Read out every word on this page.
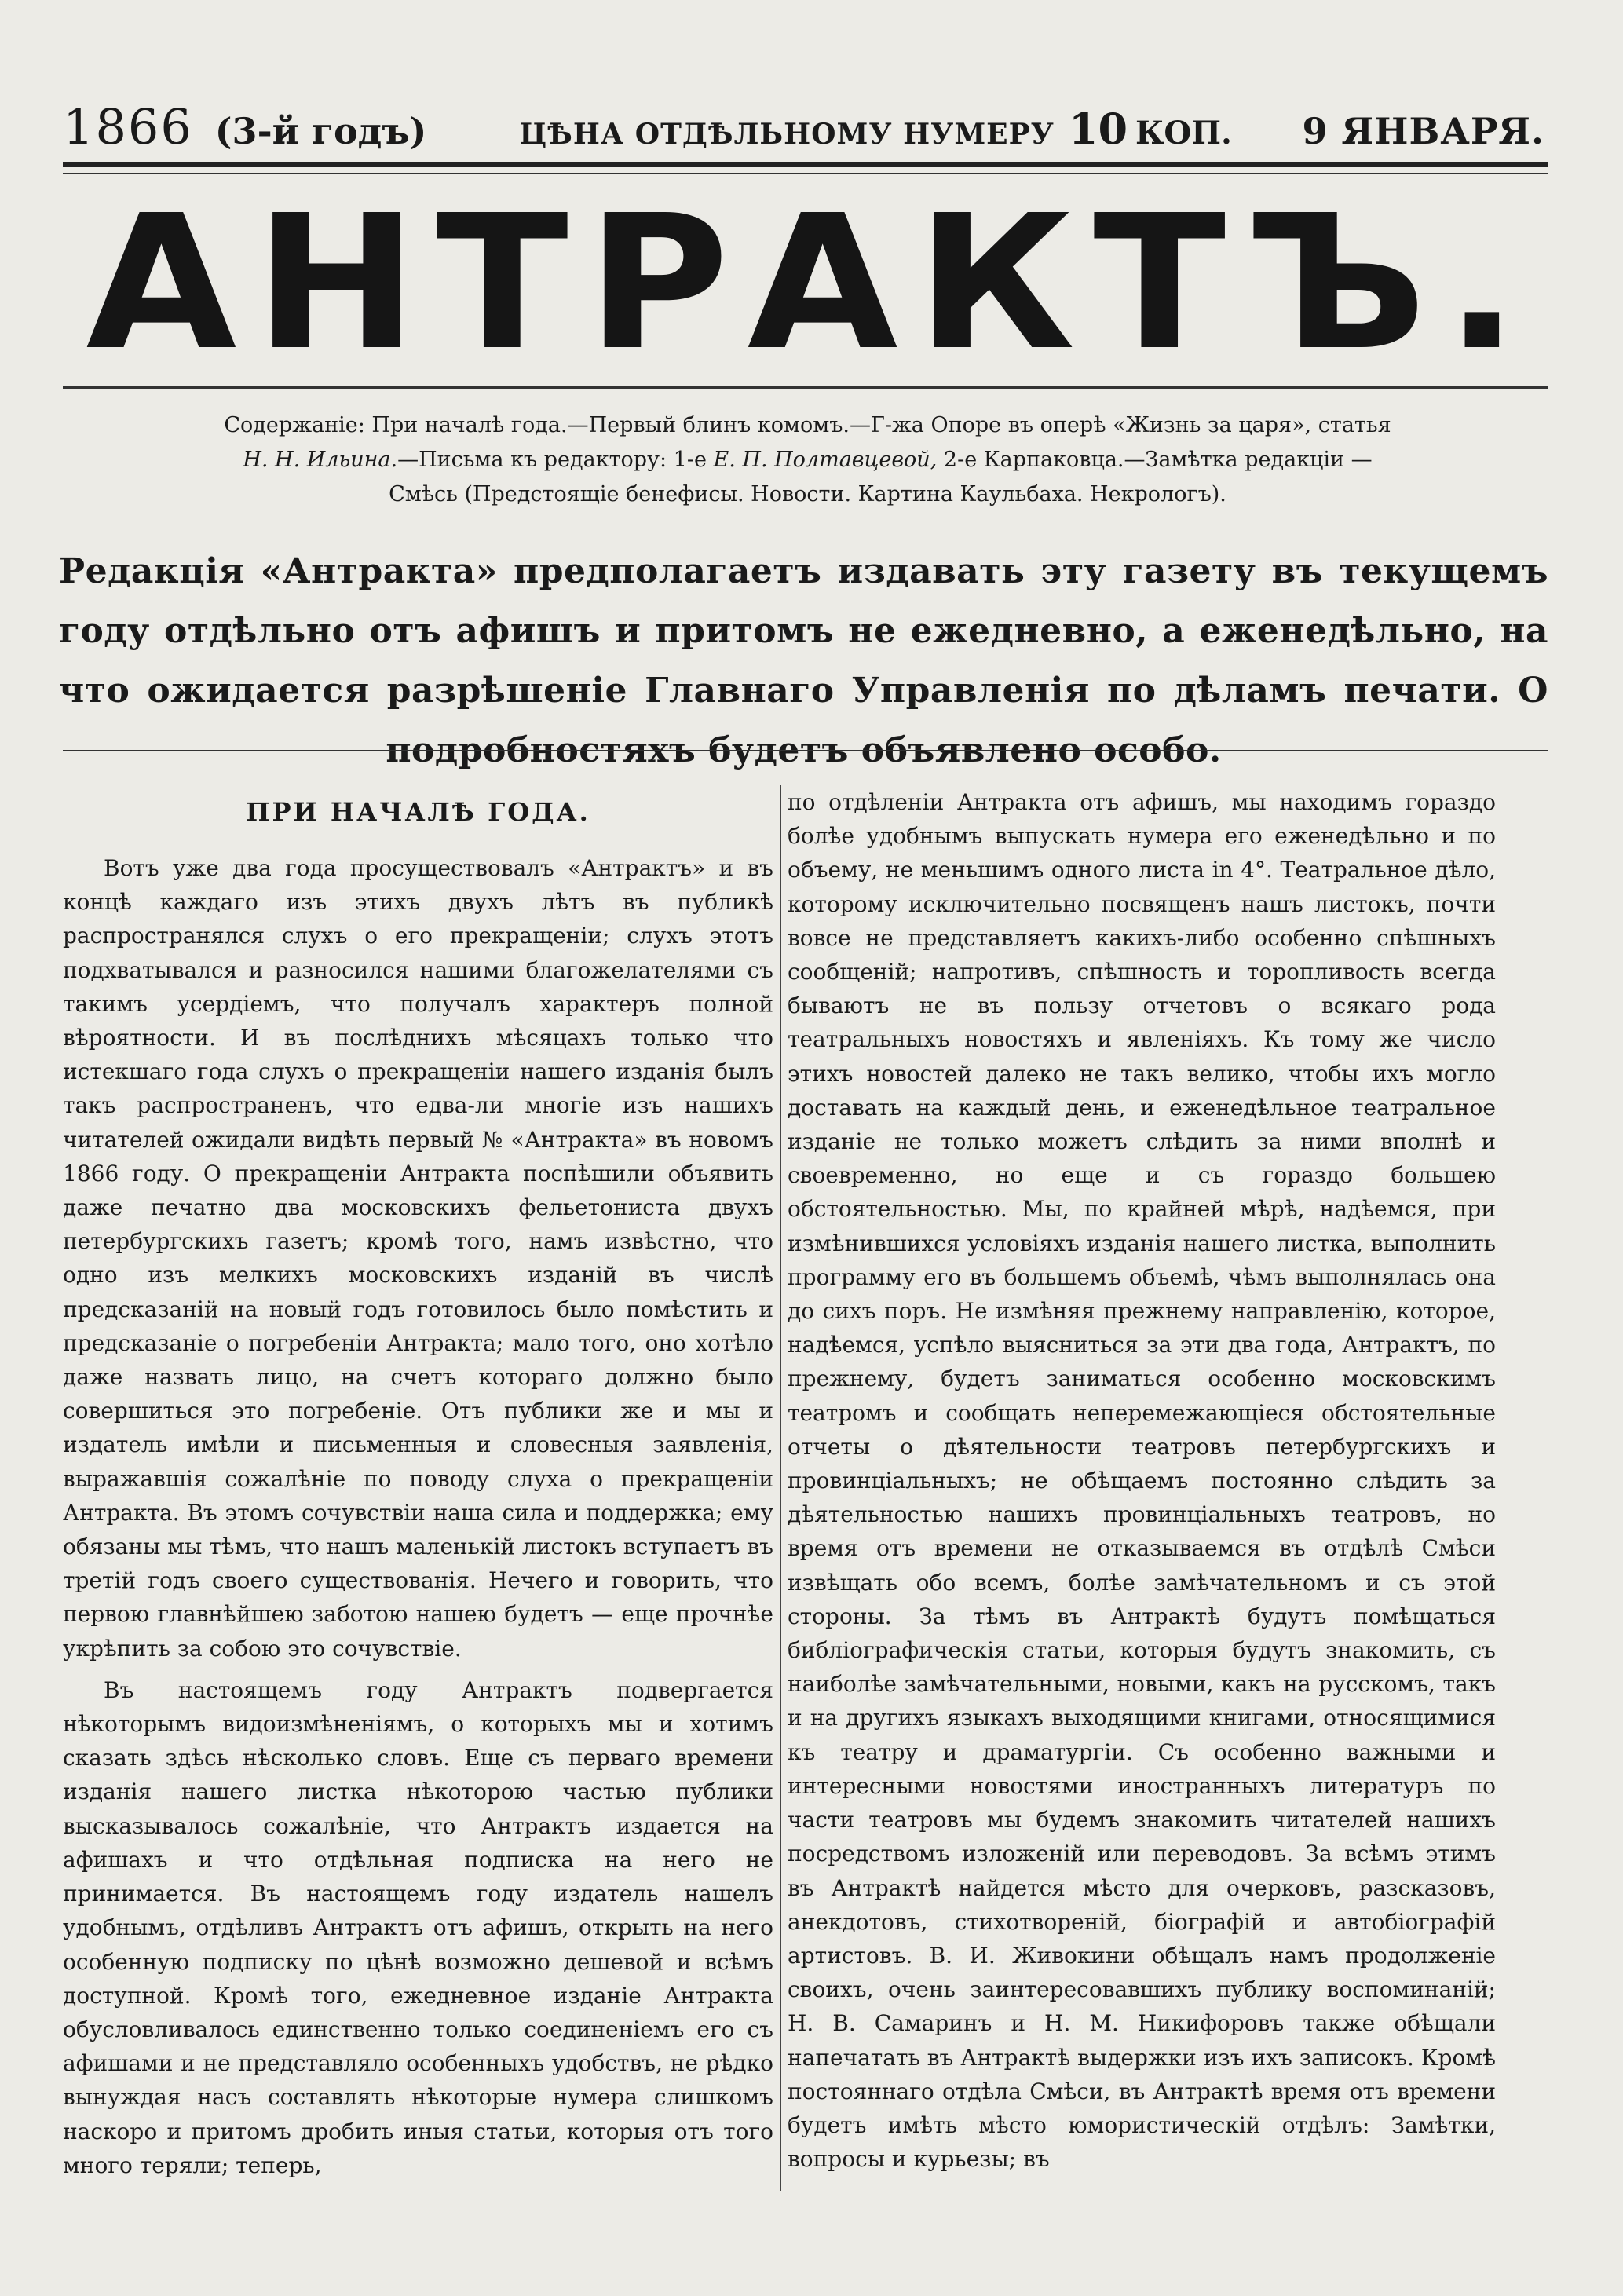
1866 (3-й годъ)	ЦѢНА ОТДѢЛЬНОМУ НУМЕРУ 10 КОП. 9 ЯНВАРЯ.
АНТРАКТЪ.
Содержаніе: При началѣ года.—Первый блинъ комомъ.—Г-жа Опоре въ оперѣ «Жизнь за царя», статья
Н. Н. Ильина.—Письма къ редактору: 1-е Е. П. Полтавцевой, 2-е Карпаковца.—Замѣтка редакціи —
Смѣсь (Предстоящіе бенефисы. Новости. Картина Каульбаха. Некрологъ).
Редакція «Антракта» предполагаетъ издавать эту газету въ текущемъ году отдѣльно отъ афишъ и притомъ не ежедневно, а еженедѣльно, на что ожидается разрѣшеніе Главнаго Управленія по дѣламъ печати. О подробностяхъ будетъ объявлено особо.
ПРИ НАЧАЛѢ ГОДА.

Вотъ уже два года просуществовалъ «Антрактъ» и въ концѣ каждаго изъ этихъ двухъ лѣтъ въ публикѣ распространялся слухъ о его прекращеніи; слухъ этотъ подхватывался и разносился нашими благожелателями съ такимъ усердіемъ, что получалъ характеръ полной вѣроятности. И въ послѣднихъ мѣсяцахъ только что истекшаго года слухъ о прекращеніи нашего изданія былъ такъ распространенъ, что едва-ли многіе изъ нашихъ читателей ожидали видѣть первый № «Антракта» въ новомъ 1866 году. О прекращеніи Антракта поспѣшили объявить даже печатно два московскихъ фельетониста двухъ петербургскихъ газетъ; кромѣ того, намъ извѣстно, что одно изъ мелкихъ московскихъ изданій въ числѣ предсказаній на новый годъ готовилось было помѣстить и предсказаніе о погребеніи Антракта; мало того, оно хотѣло даже назвать лицо, на счетъ котораго должно было совершиться это погребеніе. Отъ публики же и мы и издатель имѣли и письменныя и словесныя заявленія, выражавшія сожалѣніе по поводу слуха о прекращеніи Антракта. Въ этомъ сочувствіи наша сила и поддержка; ему обязаны мы тѣмъ, что нашъ маленькій листокъ вступаетъ въ третій годъ своего существованія. Нечего и говорить, что первою главнѣйшею заботою нашею будетъ — еще прочнѣе укрѣпить за собою это сочувствіе.

Въ настоящемъ году Антрактъ подвергается нѣкоторымъ видоизмѣненіямъ, о которыхъ мы и хотимъ сказать здѣсь нѣсколько словъ. Еще съ перваго времени изданія нашего листка нѣкоторою частью публики высказывалось сожалѣніе, что Антрактъ издается на афишахъ и что отдѣльная подписка на него не принимается. Въ настоящемъ году издатель нашелъ удобнымъ, отдѣливъ Антрактъ отъ афишъ, открыть на него особенную подписку по цѣнѣ возможно дешевой и всѣмъ доступной. Кромѣ того, ежедневное изданіе Антракта обусловливалось единственно только соединеніемъ его съ афишами и не представляло особенныхъ удобствъ, не рѣдко вынуждая насъ составлять нѣкоторые нумера слишкомъ наскоро и притомъ дробить иныя статьи, которыя отъ того много теряли; теперь,

по отдѣленіи Антракта отъ афишъ, мы находимъ гораздо болѣе удобнымъ выпускать нумера его еженедѣльно и по объему, не меньшимъ одного листа in 4°. Театральное дѣло, которому исключительно посвященъ нашъ листокъ, почти вовсе не представляетъ какихъ-либо особенно спѣшныхъ сообщеній; напротивъ, спѣшность и торопливость всегда бываютъ не въ пользу отчетовъ о всякаго рода театральныхъ новостяхъ и явленіяхъ. Къ тому же число этихъ новостей далеко не такъ велико, чтобы ихъ могло доставать на каждый день, и еженедѣльное театральное изданіе не только можетъ слѣдить за ними вполнѣ и своевременно, но еще и съ гораздо большею обстоятельностью. Мы, по крайней мѣрѣ, надѣемся, при измѣнившихся условіяхъ изданія нашего листка, выполнить программу его въ большемъ объемѣ, чѣмъ выполнялась она до сихъ поръ. Не измѣняя прежнему направленію, которое, надѣемся, успѣло выясниться за эти два года, Антрактъ, по прежнему, будетъ заниматься особенно московскимъ театромъ и сообщать неперемежающіеся обстоятельные отчеты о дѣятельности театровъ петербургскихъ и провинціальныхъ; не обѣщаемъ постоянно слѣдить за дѣятельностью нашихъ провинціальныхъ театровъ, но время отъ времени не отказываемся въ отдѣлѣ Смѣси извѣщать обо всемъ, болѣе замѣчательномъ и съ этой стороны. За тѣмъ въ Антрактѣ будутъ помѣщаться библіографическія статьи, которыя будутъ знакомить, съ наиболѣе замѣчательными, новыми, какъ на русскомъ, такъ и на другихъ языкахъ выходящими книгами, относящимися къ театру и драматургіи. Съ особенно важными и интересными новостями иностранныхъ литературъ по части театровъ мы будемъ знакомить читателей нашихъ посредствомъ изложеній или переводовъ. За всѣмъ этимъ въ Антрактѣ найдется мѣсто для очерковъ, разсказовъ, анекдотовъ, стихотвореній, біографій и автобіографій артистовъ. В. И. Живокини обѣщалъ намъ продолженіе своихъ, очень заинтересовавшихъ публику воспоминаній; Н. В. Самаринъ и Н. М. Никифоровъ также обѣщали напечатать въ Антрактѣ выдержки изъ ихъ записокъ. Кромѣ постояннаго отдѣла Смѣси, въ Антрактѣ время отъ времени будетъ имѣть мѣсто юмористическій отдѣлъ: Замѣтки, вопросы и курьезы; въ
